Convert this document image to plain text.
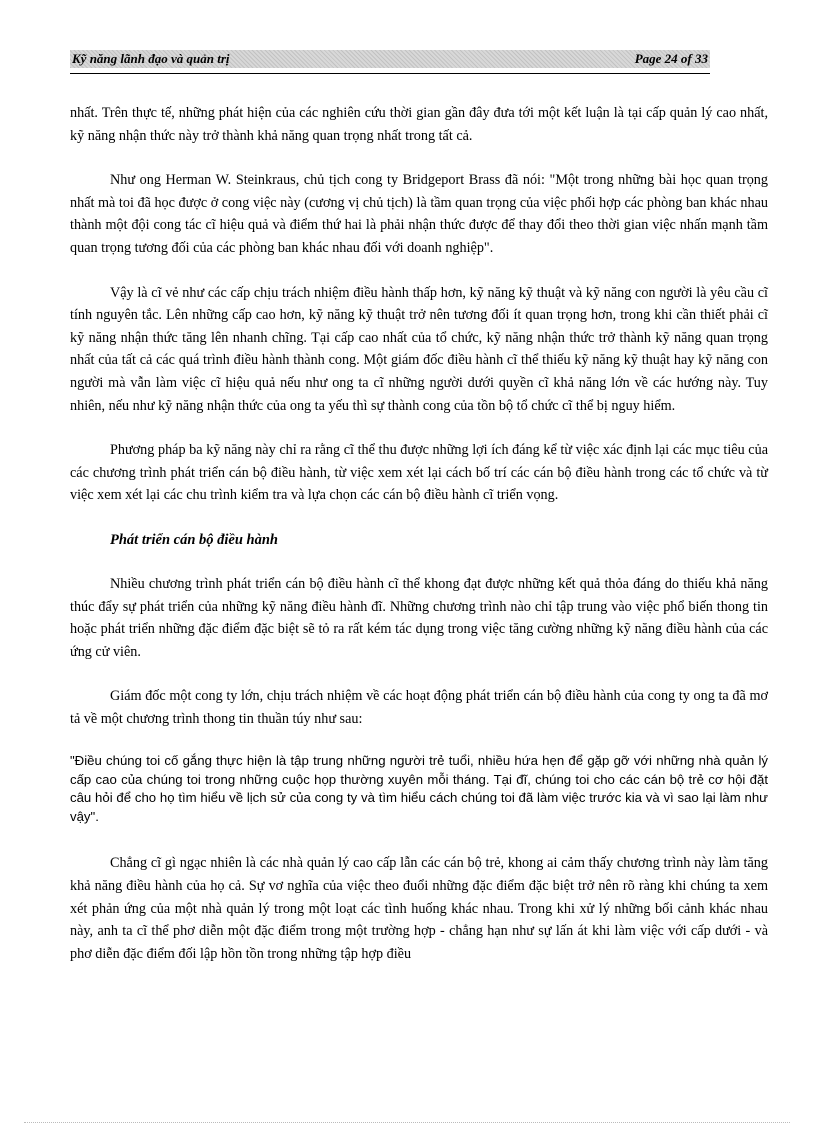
Kỹ năng lãnh đạo và quản trị	Page 24 of 33

nhất. Trên thực tế, những phát hiện của các nghiên cứu thời gian gần đây đưa tới một kết luận là tại cấp quản lý cao nhất, kỹ năng nhận thức này trở thành khả năng quan trọng nhất trong tất cả.

Như ong Herman W. Steinkraus, chủ tịch cong ty Bridgeport Brass đã nói: "Một trong những bài học quan trọng nhất mà toi đã học được ở cong việc này (cương vị chủ tịch) là tầm quan trọng của việc phối hợp các phòng ban khác nhau thành một đội cong tác cĩ hiệu quả và điểm thứ hai là phải nhận thức được để thay đổi theo thời gian việc nhấn mạnh tầm quan trọng tương đối của các phòng ban khác nhau đối với doanh nghiệp".

Vậy là cĩ vẻ như các cấp chịu trách nhiệm điều hành thấp hơn, kỹ năng kỹ thuật và kỹ năng con người là yêu cầu cĩ tính nguyên tắc. Lên những cấp cao hơn, kỹ năng kỹ thuật trở nên tương đối ít quan trọng hơn, trong khi cần thiết phải cĩ kỹ năng nhận thức tăng lên nhanh chĩng. Tại cấp cao nhất của tổ chức, kỹ năng nhận thức trở thành kỹ năng quan trọng nhất của tất cả các quá trình điều hành thành cong. Một giám đốc điều hành cĩ thể thiếu kỹ năng kỹ thuật hay kỹ năng con người mà vẫn làm việc cĩ hiệu quả nếu như ong ta cĩ những người dưới quyền cĩ khả năng lớn về các hướng này. Tuy nhiên, nếu như kỹ năng nhận thức của ong ta yếu thì sự thành cong của tồn bộ tổ chức cĩ thể bị nguy hiểm.

Phương pháp ba kỹ năng này chỉ ra rằng cĩ thể thu được những lợi ích đáng kể từ việc xác định lại các mục tiêu của các chương trình phát triển cán bộ điều hành, từ việc xem xét lại cách bố trí các cán bộ điều hành trong các tổ chức và từ việc xem xét lại các chu trình kiểm tra và lựa chọn các cán bộ điều hành cĩ triển vọng.

Phát triển cán bộ điều hành

Nhiều chương trình phát triển cán bộ điều hành cĩ thể khong đạt được những kết quả thỏa đáng do thiếu khả năng thúc đẩy sự phát triển của những kỹ năng điều hành đĩ. Những chương trình nào chỉ tập trung vào việc phổ biến thong tin hoặc phát triển những đặc điểm đặc biệt sẽ tỏ ra rất kém tác dụng trong việc tăng cường những kỹ năng điều hành của các ứng cử viên.

Giám đốc một cong ty lớn, chịu trách nhiệm về các hoạt động phát triển cán bộ điều hành của cong ty ong ta đã mơ tả về một chương trình thong tin thuần túy như sau:

"Điều chúng toi cố gắng thực hiện là tập trung những người trẻ tuổi, nhiều hứa hẹn để gặp gỡ với những nhà quản lý cấp cao của chúng toi trong những cuộc họp thường xuyên mỗi tháng. Tại đĩ, chúng toi cho các cán bộ trẻ cơ hội đặt câu hỏi để cho họ tìm hiểu về lịch sử của cong ty và tìm hiểu cách chúng toi đã làm việc trước kia và vì sao lại làm như vậy".

Chẳng cĩ gì ngạc nhiên là các nhà quản lý cao cấp lẫn các cán bộ trẻ, khong ai cảm thấy chương trình này làm tăng khả năng điều hành của họ cả. Sự vơ nghĩa của việc theo đuổi những đặc điểm đặc biệt trở nên rõ ràng khi chúng ta xem xét phản ứng của một nhà quản lý trong một loạt các tình huống khác nhau. Trong khi xử lý những bối cảnh khác nhau này, anh ta cĩ thể phơ diễn một đặc điểm trong một trường hợp - chẳng hạn như sự lấn át khi làm việc với cấp dưới - và phơ diễn đặc điểm đối lập hồn tồn trong những tập hợp điều
